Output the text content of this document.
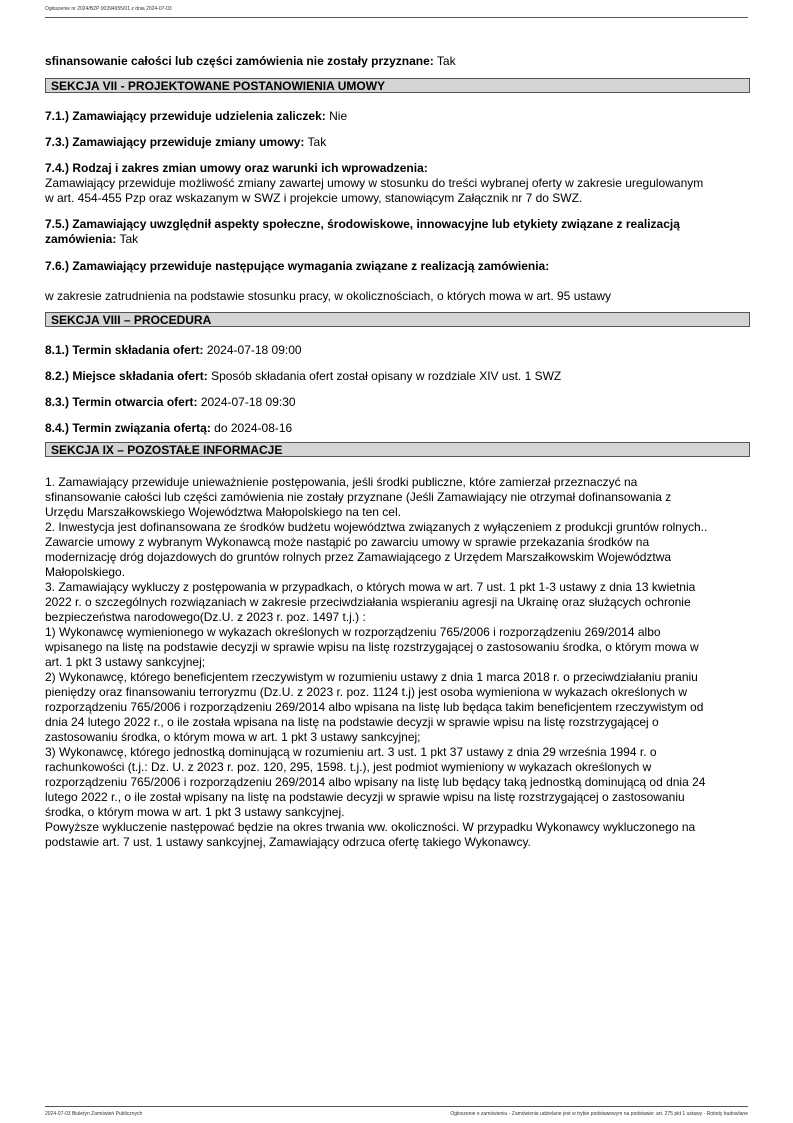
Ogłoszenie nr 2024/BZP 00394955/01 z dnia 2024-07-03

sfinansowanie całości lub części zamówienia nie zostały przyznane: Tak

SEKCJA VII - PROJEKTOWANE POSTANOWIENIA UMOWY

7.1.) Zamawiający przewiduje udzielenia zaliczek: Nie

7.3.) Zamawiający przewiduje zmiany umowy: Tak

7.4.) Rodzaj i zakres zmian umowy oraz warunki ich wprowadzenia:

Zamawiający przewiduje możliwość zmiany zawartej umowy w stosunku do treści wybranej oferty w zakresie uregulowanym

w art. 454-455 Pzp oraz wskazanym w SWZ i projekcie umowy, stanowiącym Załącznik nr 7 do SWZ.

7.5.) Zamawiający uwzględnił aspekty społeczne, środowiskowe, innowacyjne lub etykiety związane z realizacją

zamówienia: Tak

7.6.) Zamawiający przewiduje następujące wymagania związane z realizacją zamówienia:

w zakresie zatrudnienia na podstawie stosunku pracy, w okolicznościach, o których mowa w art. 95 ustawy

SEKCJA VIII – PROCEDURA

8.1.) Termin składania ofert: 2024-07-18 09:00

8.2.) Miejsce składania ofert: Sposób składania ofert został opisany w rozdziale XIV ust. 1 SWZ

8.3.) Termin otwarcia ofert: 2024-07-18 09:30

8.4.) Termin związania ofertą: do 2024-08-16

SEKCJA IX – POZOSTAŁE INFORMACJE

1. Zamawiający przewiduje unieważnienie postępowania, jeśli środki publiczne, które zamierzał przeznaczyć na

sfinansowanie całości lub części zamówienia nie zostały przyznane (Jeśli Zamawiający nie otrzymał dofinansowania z

Urzędu Marszałkowskiego Województwa Małopolskiego na ten cel.

2. Inwestycja jest dofinansowana ze środków budżetu województwa związanych z wyłączeniem z produkcji gruntów rolnych..

Zawarcie umowy z wybranym Wykonawcą może nastąpić po zawarciu umowy w sprawie przekazania środków na

modernizację dróg dojazdowych do gruntów rolnych przez Zamawiającego z Urzędem Marszałkowskim Województwa

Małopolskiego.

3. Zamawiający wykluczy z postępowania w przypadkach, o których mowa w art. 7 ust. 1 pkt 1-3 ustawy z dnia 13 kwietnia

2022 r. o szczególnych rozwiązaniach w zakresie przeciwdziałania wspieraniu agresji na Ukrainę oraz służących ochronie

bezpieczeństwa narodowego(Dz.U. z 2023 r. poz. 1497 t.j.) :

1) Wykonawcę wymienionego w wykazach określonych w rozporządzeniu 765/2006 i rozporządzeniu 269/2014 albo

wpisanego na listę na podstawie decyzji w sprawie wpisu na listę rozstrzygającej o zastosowaniu środka, o którym mowa w

art. 1 pkt 3 ustawy sankcyjnej;

2) Wykonawcę, którego beneficjentem rzeczywistym w rozumieniu ustawy z dnia 1 marca 2018 r. o przeciwdziałaniu praniu

pieniędzy oraz finansowaniu terroryzmu (Dz.U. z 2023 r. poz. 1124 t.j) jest osoba wymieniona w wykazach określonych w

rozporządzeniu 765/2006 i rozporządzeniu 269/2014 albo wpisana na listę lub będąca takim beneficjentem rzeczywistym od

dnia 24 lutego 2022 r., o ile została wpisana na listę na podstawie decyzji w sprawie wpisu na listę rozstrzygającej o

zastosowaniu środka, o którym mowa w art. 1 pkt 3 ustawy sankcyjnej;

3) Wykonawcę, którego jednostką dominującą w rozumieniu art. 3 ust. 1 pkt 37 ustawy z dnia 29 września 1994 r. o

rachunkowości (t.j.: Dz. U. z 2023 r. poz. 120, 295, 1598. t.j.), jest podmiot wymieniony w wykazach określonych w

rozporządzeniu 765/2006 i rozporządzeniu 269/2014 albo wpisany na listę lub będący taką jednostką dominującą od dnia 24

lutego 2022 r., o ile został wpisany na listę na podstawie decyzji w sprawie wpisu na listę rozstrzygającej o zastosowaniu

środka, o którym mowa w art. 1 pkt 3 ustawy sankcyjnej.

Powyższe wykluczenie następować będzie na okres trwania ww. okoliczności. W przypadku Wykonawcy wykluczonego na

podstawie art. 7 ust. 1 ustawy sankcyjnej, Zamawiający odrzuca ofertę takiego Wykonawcy.

2024-07-03 Biuletyn Zamówień Publicznych	Ogłoszenie o zamówieniu - Zamówienie udzielane jest w trybie podstawowym na podstawie: art. 275 pkt 1 ustawy - Roboty budowlane
